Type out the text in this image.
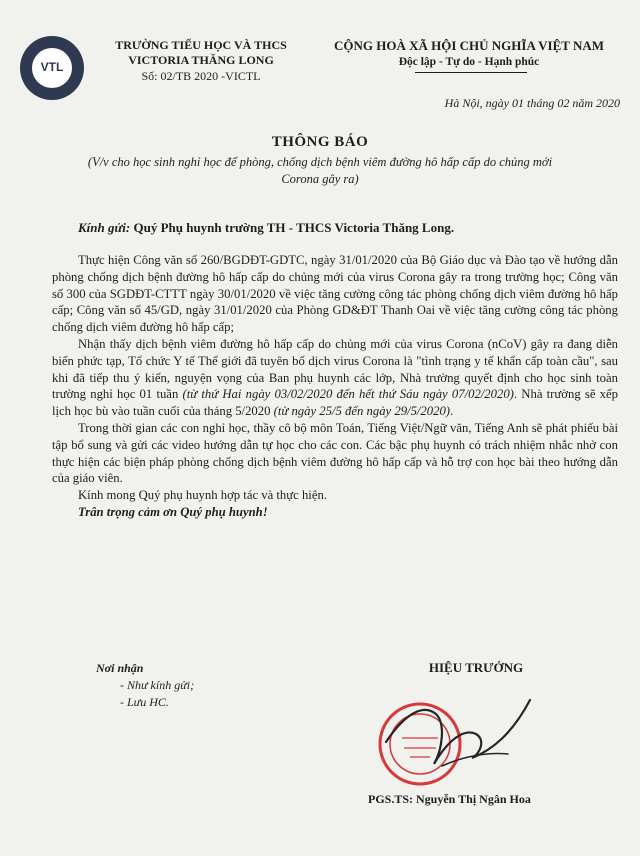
VTL
TRƯỜNG TIỂU HỌC VÀ THCS
VICTORIA THĂNG LONG
Số: 02/TB 2020 -VICTL
CỘNG HOÀ XÃ HỘI CHỦ NGHĨA VIỆT NAM
Độc lập - Tự do - Hạnh phúc
Hà Nội, ngày 01 tháng 02 năm 2020
THÔNG BÁO
(V/v cho học sinh nghỉ học để phòng, chống dịch bệnh viêm đường hô hấp cấp do chủng mới Corona gây ra)
Kính gửi: Quý Phụ huynh trường TH - THCS Victoria Thăng Long.

Thực hiện Công văn số 260/BGDĐT-GDTC, ngày 31/01/2020 của Bộ Giáo dục và Đào tạo về hướng dẫn phòng chống dịch bệnh đường hô hấp cấp do chủng mới của virus Corona gây ra trong trường học; Công văn số 300 của SGDĐT-CTTT ngày 30/01/2020 về việc tăng cường công tác phòng chống dịch viêm đường hô hấp cấp; Công văn số 45/GD, ngày 31/01/2020 của Phòng GD&ĐT Thanh Oai về việc tăng cường công tác phòng chống dịch viêm đường hô hấp cấp;

Nhận thấy dịch bệnh viêm đường hô hấp cấp do chủng mới của virus Corona (nCoV) gây ra đang diễn biến phức tạp, Tổ chức Y tế Thế giới đã tuyên bố dịch virus Corona là "tình trạng y tế khẩn cấp toàn cầu", sau khi đã tiếp thu ý kiến, nguyện vọng của Ban phụ huynh các lớp, Nhà trường quyết định cho học sinh toàn trường nghỉ học 01 tuần (từ thứ Hai ngày 03/02/2020 đến hết thứ Sáu ngày 07/02/2020). Nhà trường sẽ xếp lịch học bù vào tuần cuối của tháng 5/2020 (từ ngày 25/5 đến ngày 29/5/2020).

Trong thời gian các con nghỉ học, thầy cô bộ môn Toán, Tiếng Việt/Ngữ văn, Tiếng Anh sẽ phát phiếu bài tập bổ sung và gửi các video hướng dẫn tự học cho các con. Các bậc phụ huynh có trách nhiệm nhắc nhở con thực hiện các biện pháp phòng chống dịch bệnh viêm đường hô hấp cấp và hỗ trợ con học bài theo hướng dẫn của giáo viên.

Kính mong Quý phụ huynh hợp tác và thực hiện.

Trân trọng cảm ơn Quý phụ huynh!

Nơi nhận
- Như kính gửi;
- Lưu HC.
HIỆU TRƯỞNG
PGS.TS: Nguyễn Thị Ngân Hoa
